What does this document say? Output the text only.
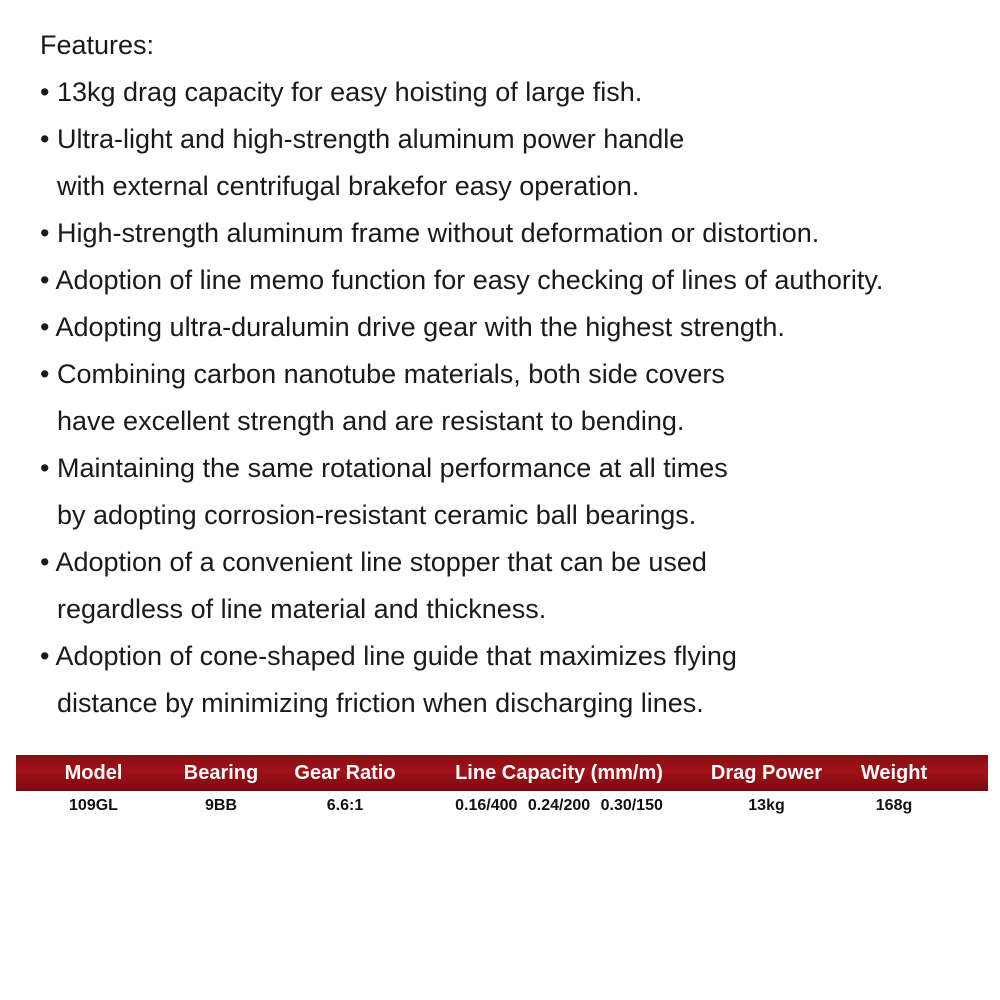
Features:
• 13kg drag capacity for easy hoisting of large fish.
• Ultra-light and high-strength aluminum power handle
with external centrifugal brakefor easy operation.
• High-strength aluminum frame without deformation or distortion.
• Adoption of line memo function for easy checking of lines of authority.
• Adopting ultra-duralumin drive gear with the highest strength.
• Combining carbon nanotube materials, both side covers
have excellent strength and are resistant to bending.
• Maintaining the same rotational performance at all times
by adopting corrosion-resistant ceramic ball bearings.
• Adoption of a convenient line stopper that can be used
regardless of line material and thickness.
• Adoption of cone-shaped line guide that maximizes flying
distance by minimizing friction when discharging lines.
Model	Bearing	Gear Ratio	Line Capacity (mm/m)	Drag Power	Weight
109GL	9BB	6.6:1	0.16/400 0.24/200 0.30/150	13kg	168g
